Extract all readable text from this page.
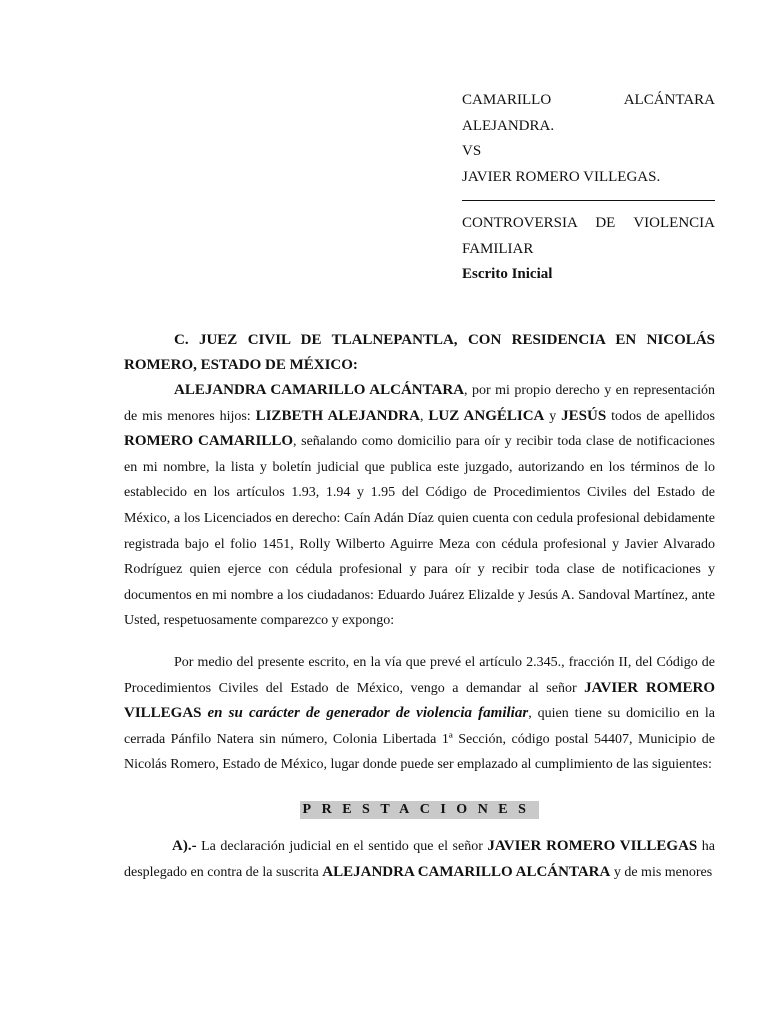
CAMARILLO	ALCÁNTARA
ALEJANDRA.
VS
JAVIER ROMERO VILLEGAS.
CONTROVERSIA DE VIOLENCIA FAMILIAR
Escrito Inicial

C. JUEZ CIVIL DE TLALNEPANTLA, CON RESIDENCIA EN NICOLÁS ROMERO, ESTADO DE MÉXICO:

ALEJANDRA CAMARILLO ALCÁNTARA, por mi propio derecho y en representación de mis menores hijos: LIZBETH ALEJANDRA, LUZ ANGÉLICA y JESÚS todos de apellidos ROMERO CAMARILLO, señalando como domicilio para oír y recibir toda clase de notificaciones en mi nombre, la lista y boletín judicial que publica este juzgado, autorizando en los términos de lo establecido en los artículos 1.93, 1.94 y 1.95 del Código de Procedimientos Civiles del Estado de México, a los Licenciados en derecho: Caín Adán Díaz quien cuenta con cedula profesional debidamente registrada bajo el folio 1451, Rolly Wilberto Aguirre Meza con cédula profesional y Javier Alvarado Rodríguez quien ejerce con cédula profesional y para oír y recibir toda clase de notificaciones y documentos en mi nombre a los ciudadanos: Eduardo Juárez Elizalde y Jesús A. Sandoval Martínez, ante Usted, respetuosamente comparezco y expongo:

Por medio del presente escrito, en la vía que prevé el artículo 2.345., fracción II, del Código de Procedimientos Civiles del Estado de México, vengo a demandar al señor JAVIER ROMERO VILLEGAS en su carácter de generador de violencia familiar, quien tiene su domicilio en la cerrada Pánfilo Natera sin número, Colonia Libertada 1ª Sección, código postal 54407, Municipio de Nicolás Romero, Estado de México, lugar donde puede ser emplazado al cumplimiento de las siguientes:

PRESTACIONES

A).- La declaración judicial en el sentido que el señor JAVIER ROMERO VILLEGAS ha desplegado en contra de la suscrita ALEJANDRA CAMARILLO ALCÁNTARA y de mis menores
